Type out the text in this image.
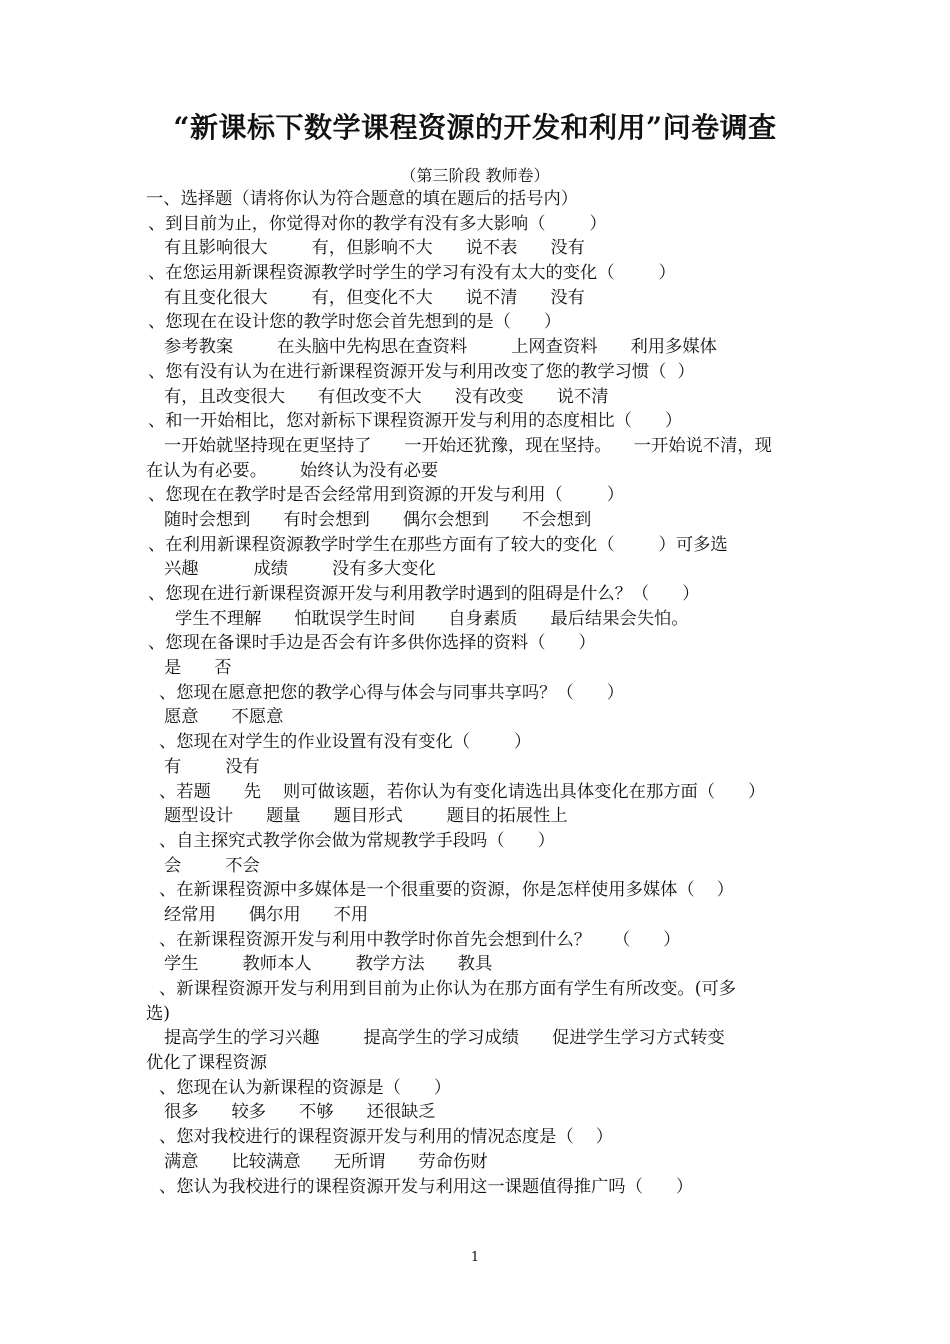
“新课标下数学课程资源的开发和利用”问卷调查

（第三阶段 教师卷）

一、选择题（请将你认为符合题意的填在题后的括号内）
、到目前为止，你觉得对你的教学有没有多大影响（        ）
有且影响很大        有，但影响不大      说不表      没有
、在您运用新课程资源教学时学生的学习有没有太大的变化（        ）
有且变化很大        有，但变化不大      说不清      没有
、您现在在设计您的教学时您会首先想到的是（      ）
参考教案        在头脑中先构思在查资料        上网查资料      利用多媒体
、您有没有认为在进行新课程资源开发与利用改变了您的教学习惯（  ）
有，且改变很大      有但改变不大      没有改变      说不清
、和一开始相比，您对新标下课程资源开发与利用的态度相比（      ）
一开始就坚持现在更坚持了      一开始还犹豫，现在坚持。    一开始说不清，现
在认为有必要。      始终认为没有必要
、您现在在教学时是否会经常用到资源的开发与利用（        ）
随时会想到      有时会想到      偶尔会想到      不会想到
、在利用新课程资源教学时学生在那些方面有了较大的变化（        ）可多选
兴趣          成绩        没有多大变化
、您现在进行新课程资源开发与利用教学时遇到的阻碍是什么？（      ）
学生不理解      怕耽误学生时间      自身素质      最后结果会失怕。
、您现在备课时手边是否会有许多供你选择的资料（      ）
是      否
、您现在愿意把您的教学心得与体会与同事共享吗？（      ）
愿意      不愿意
、您现在对学生的作业设置有没有变化（        ）
有        没有
、若题      先    则可做该题，若你认为有变化请选出具体变化在那方面（      ）
题型设计      题量      题目形式        题目的拓展性上
、自主探究式教学你会做为常规教学手段吗（      ）
会        不会
、在新课程资源中多媒体是一个很重要的资源，你是怎样使用多媒体（    ）
经常用      偶尔用      不用
、在新课程资源开发与利用中教学时你首先会想到什么？    （      ）
学生        教师本人        教学方法      教具
、新课程资源开发与利用到目前为止你认为在那方面有学生有所改变。(可多
选)
提高学生的学习兴趣        提高学生的学习成绩      促进学生学习方式转变
优化了课程资源
、您现在认为新课程的资源是（      ）
很多      较多      不够      还很缺乏
、您对我校进行的课程资源开发与利用的情况态度是（    ）
满意      比较满意      无所谓      劳命伤财
、您认为我校进行的课程资源开发与利用这一课题值得推广吗（      ）
1
